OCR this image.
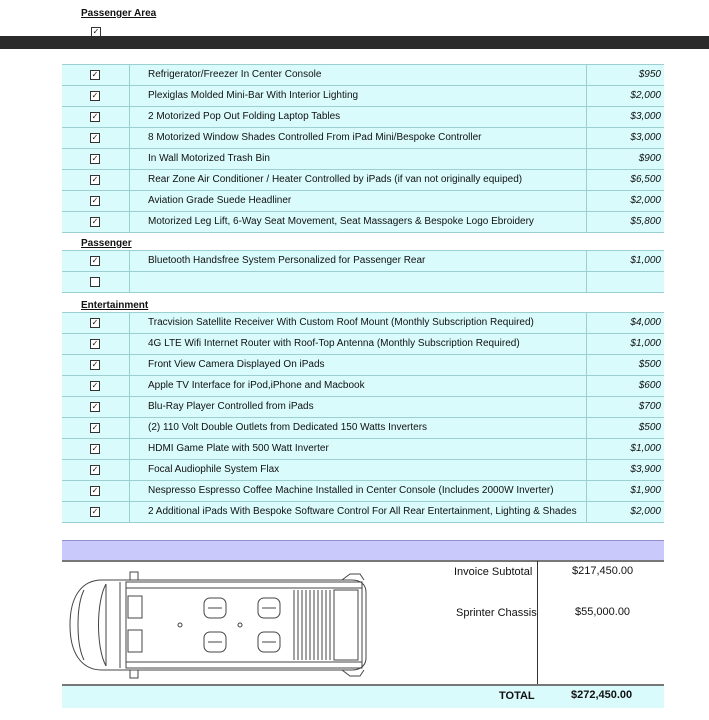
Passenger Area
✓
✓	Refrigerator/Freezer In Center Console	$950
✓	Plexiglas Molded Mini-Bar With Interior Lighting	$2,000
✓	2 Motorized Pop Out Folding Laptop Tables	$3,000
✓	8 Motorized Window Shades Controlled From iPad Mini/Bespoke Controller	$3,000
✓	In Wall Motorized Trash Bin	$900
✓	Rear Zone Air Conditioner / Heater Controlled by iPads (if van not originally equiped)	$6,500
✓	Aviation Grade Suede Headliner	$2,000
✓	Motorized Leg Lift, 6-Way Seat Movement, Seat Massagers & Bespoke Logo Ebroidery	$5,800
Passenger
✓	Bluetooth Handsfree System Personalized for Passenger Rear	$1,000
Entertainment
✓	Tracvision Satellite Receiver With Custom Roof Mount (Monthly Subscription Required)	$4,000
✓	4G LTE Wifi Internet Router with Roof-Top Antenna (Monthly Subscription Required)	$1,000
✓	Front View Camera Displayed On iPads	$500
✓	Apple TV Interface for iPod,iPhone and Macbook	$600
✓	Blu-Ray Player Controlled from iPads	$700
✓	(2) 110 Volt Double Outlets from Dedicated 150 Watts Inverters	$500
✓	HDMI Game Plate with 500 Watt Inverter	$1,000
✓	Focal Audiophile System Flax	$3,900
✓	Nespresso Espresso Coffee Machine Installed in Center Console (Includes 2000W Inverter)	$1,900
✓	2 Additional iPads With Bespoke Software Control For All Rear Entertainment, Lighting & Shades	$2,000
Invoice Subtotal	$217,450.00
Sprinter Chassis	$55,000.00
TOTAL	$272,450.00
